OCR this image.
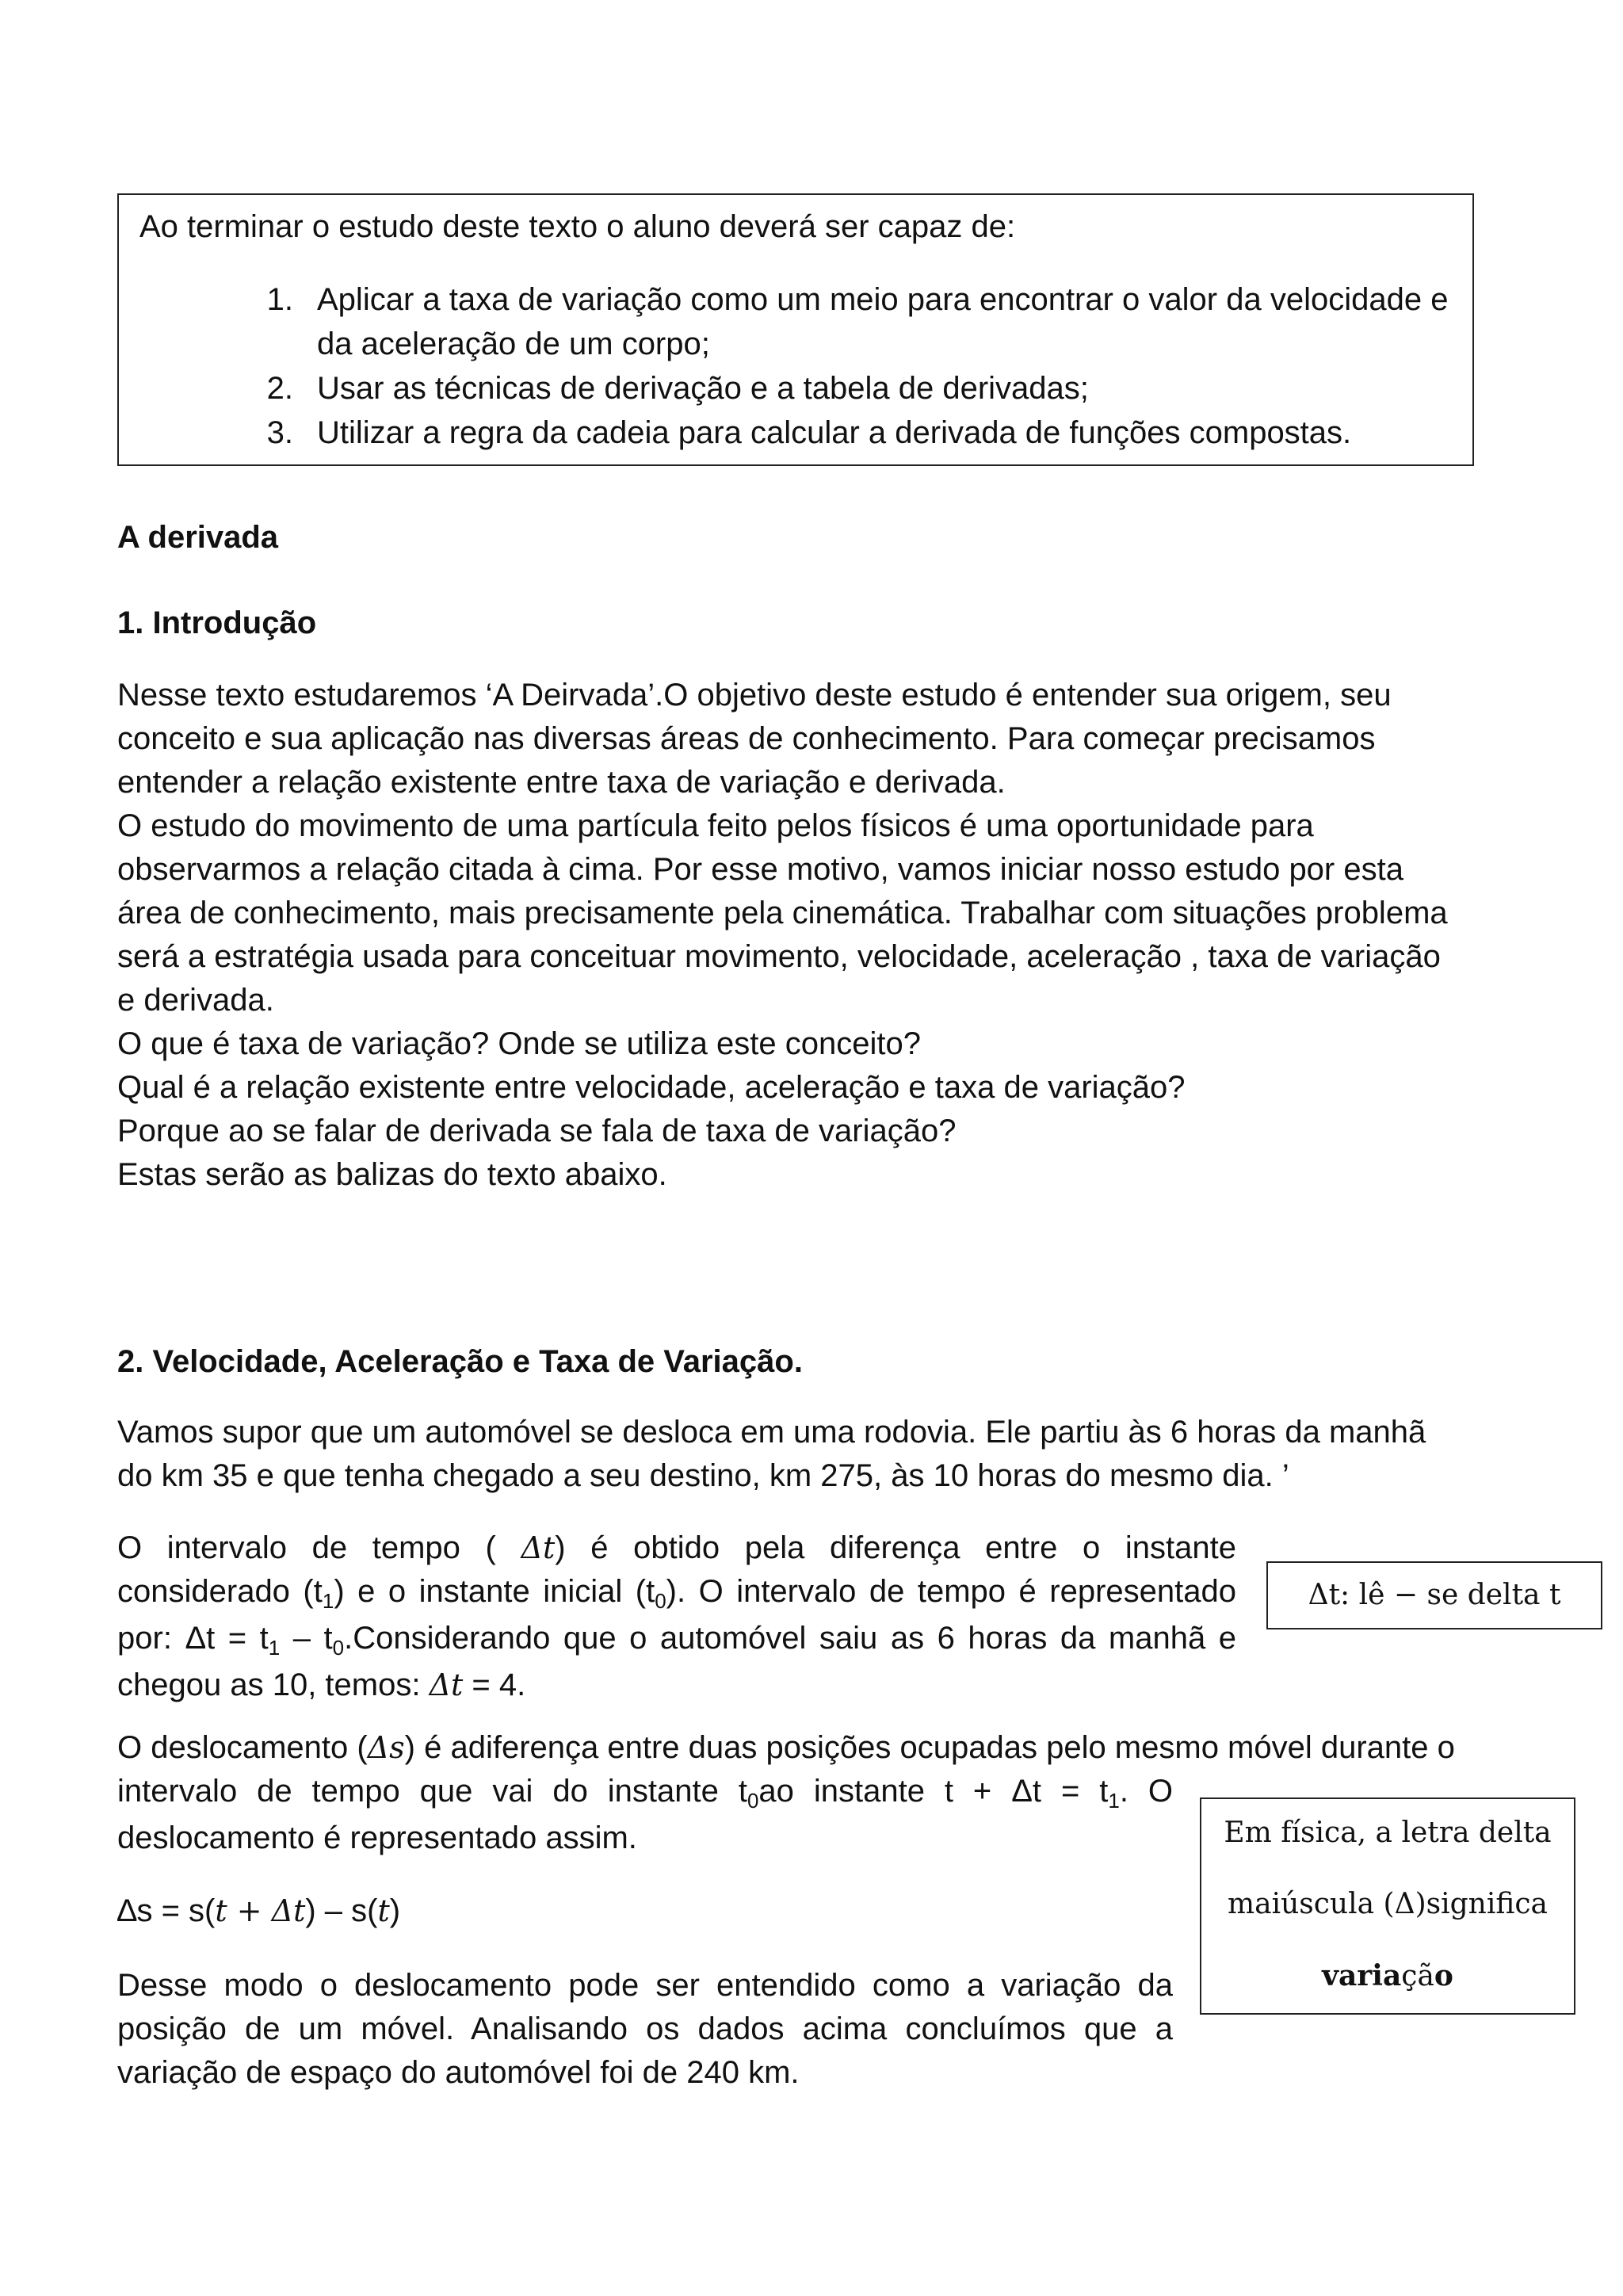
Ao terminar o estudo deste texto o aluno deverá ser capaz de:
1. Aplicar a taxa de variação como um meio para encontrar o valor da velocidade e
da aceleração de um corpo;
2. Usar as técnicas de derivação e a tabela de derivadas;
3. Utilizar a regra da cadeia para calcular a derivada de funções compostas.
A derivada
1. Introdução
Nesse texto estudaremos ‘A Deirvada’.O objetivo deste estudo é entender sua origem, seu
conceito e sua aplicação nas diversas áreas de conhecimento. Para começar precisamos
entender a relação existente entre taxa de variação e derivada.
O estudo do movimento de uma partícula feito pelos físicos é uma oportunidade para
observarmos a relação citada à cima. Por esse motivo, vamos iniciar nosso estudo por esta
área de conhecimento, mais precisamente pela cinemática. Trabalhar com situações problema
será a estratégia usada para conceituar movimento, velocidade, aceleração , taxa de variação
e derivada.
O que é taxa de variação? Onde se utiliza este conceito?
Qual é a relação existente entre velocidade, aceleração e taxa de variação?
Porque ao se falar de derivada se fala de taxa de variação?
Estas serão as balizas do texto abaixo.
2. Velocidade, Aceleração e Taxa de Variação.
Vamos supor que um automóvel se desloca em uma rodovia. Ele partiu às 6 horas da manhã
do km 35 e que tenha chegado a seu destino, km 275, às 10 horas do mesmo dia. ’
O intervalo de tempo ( Δ𝑡) é obtido pela diferença entre o instante
considerado $(t_1)$ e o instante inicial $(t_0)$. O intervalo de tempo é representado
por: $\Delta t = t_1$ – $t_0.Considerando$ que o automóvel saiu as 6 horas da manhã e
chegou as 10, temos: Δ𝑡 = 4.
Δt: lê − se delta t
O deslocamento (Δ𝑠) é adiferença entre duas posições ocupadas pelo mesmo móvel durante o
intervalo de tempo que vai do instante $t_0ao$ instante $t + \Delta t = t_1$. O
deslocamento é representado assim.
∆s = s(𝑡 + Δ𝑡) – s(𝑡)
Desse modo o deslocamento pode ser entendido como a variação da
posição de um móvel. Analisando os dados acima concluímos que a
variação de espaço do automóvel foi de 240 km.
Em física, a letra delta
maiúscula (Δ)significa
variação
